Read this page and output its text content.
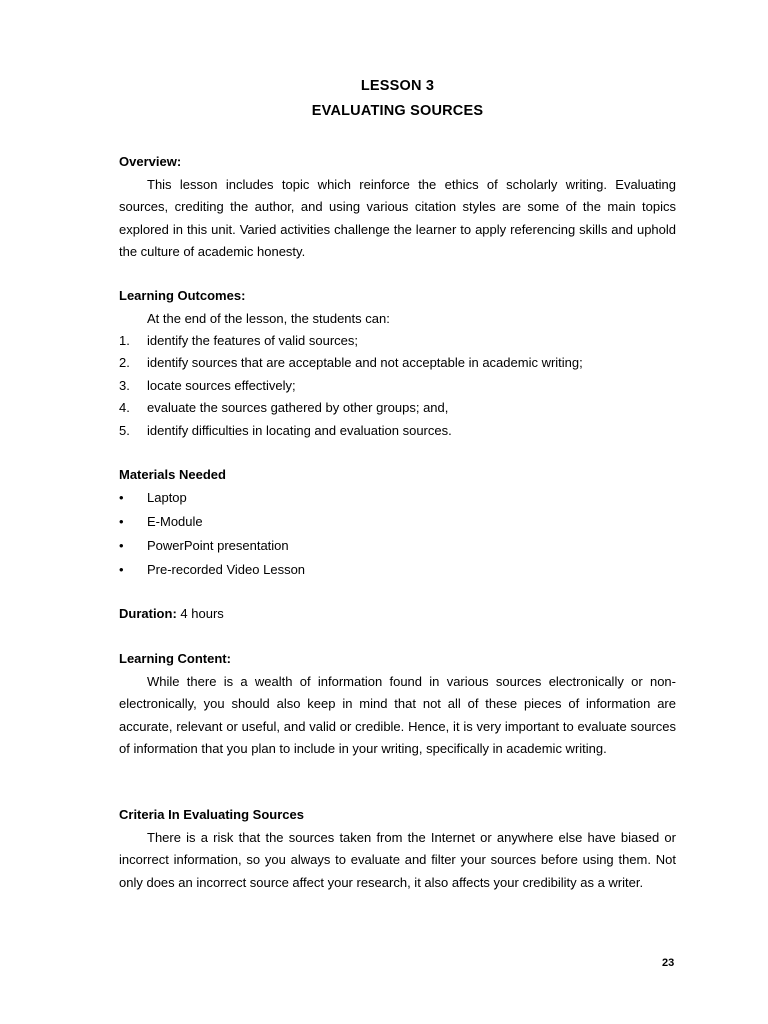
LESSON 3
EVALUATING SOURCES
Overview:

This lesson includes topic which reinforce the ethics of scholarly writing. Evaluating sources, crediting the author, and using various citation styles are some of the main topics explored in this unit. Varied activities challenge the learner to apply referencing skills and uphold the culture of academic honesty.

Learning Outcomes:
At the end of the lesson, the students can:
1. identify the features of valid sources;
2. identify sources that are acceptable and not acceptable in academic writing;
3. locate sources effectively;
4. evaluate the sources gathered by other groups; and,
5. identify difficulties in locating and evaluation sources.
Materials Needed
• Laptop
• E-Module
• PowerPoint presentation
• Pre-recorded Video Lesson
Duration: 4 hours
Learning Content:

While there is a wealth of information found in various sources electronically or non-electronically, you should also keep in mind that not all of these pieces of information are accurate, relevant or useful, and valid or credible. Hence, it is very important to evaluate sources of information that you plan to include in your writing, specifically in academic writing.

Criteria In Evaluating Sources

There is a risk that the sources taken from the Internet or anywhere else have biased or incorrect information, so you always to evaluate and filter your sources before using them. Not only does an incorrect source affect your research, it also affects your credibility as a writer.

23
